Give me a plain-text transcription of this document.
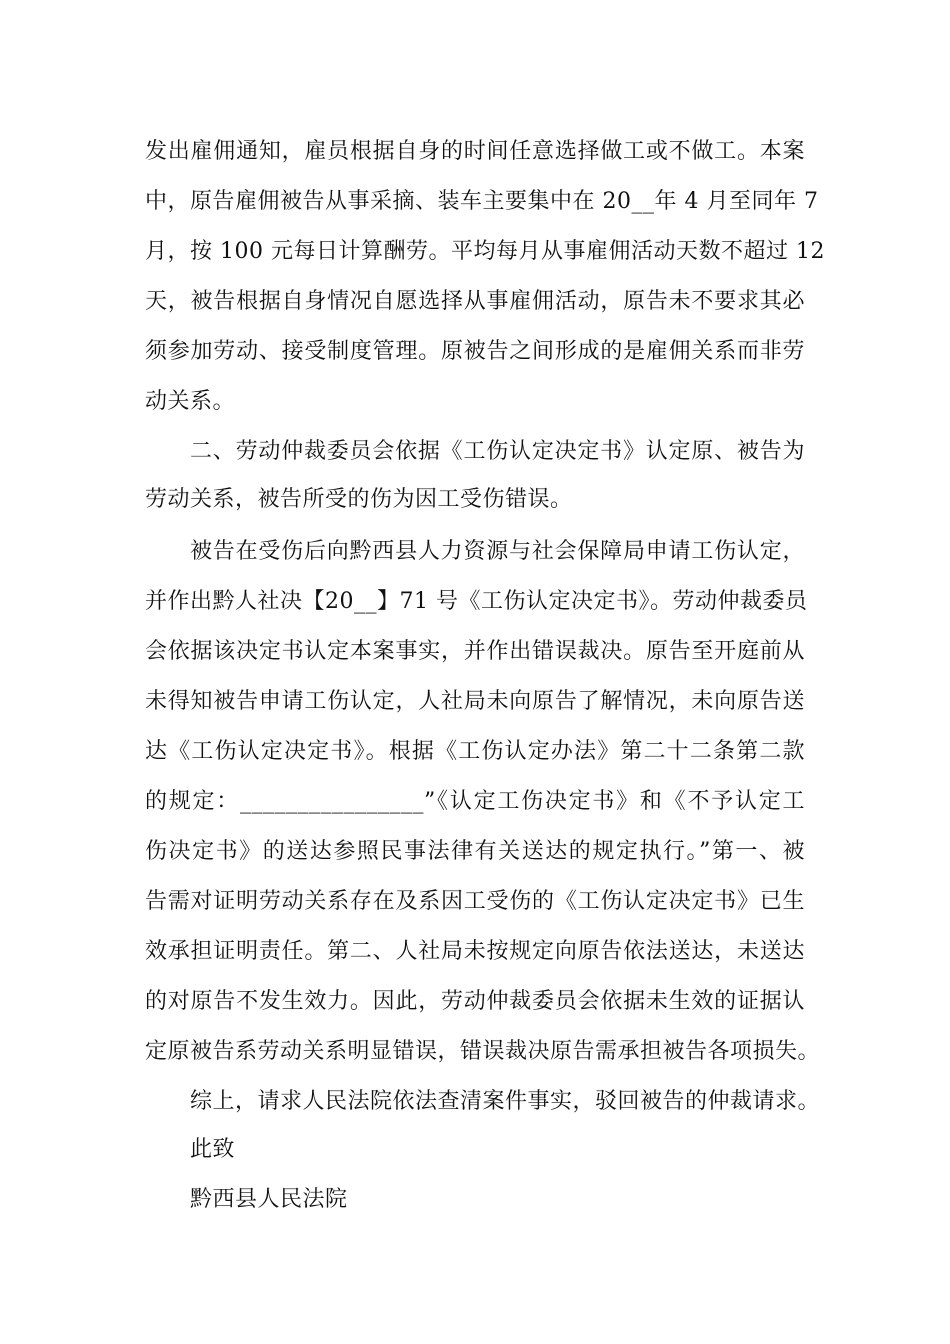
发出雇佣通知，雇员根据自身的时间任意选择做工或不做工。本案
中，原告雇佣被告从事采摘、装车主要集中在 20__年 4 月至同年 7
月，按 100 元每日计算酬劳。平均每月从事雇佣活动天数不超过 12
天，被告根据自身情况自愿选择从事雇佣活动，原告未不要求其必
须参加劳动、接受制度管理。原被告之间形成的是雇佣关系而非劳
动关系。
二、劳动仲裁委员会依据《工伤认定决定书》认定原、被告为
劳动关系，被告所受的伤为因工受伤错误。
被告在受伤后向黔西县人力资源与社会保障局申请工伤认定，
并作出黔人社决【20__】71 号《工伤认定决定书》。劳动仲裁委员
会依据该决定书认定本案事实，并作出错误裁决。原告至开庭前从
未得知被告申请工伤认定，人社局未向原告了解情况，未向原告送
达《工伤认定决定书》。根据《工伤认定办法》第二十二条第二款
的规定：________________”《认定工伤决定书》和《不予认定工
伤决定书》的送达参照民事法律有关送达的规定执行。”第一、被
告需对证明劳动关系存在及系因工受伤的《工伤认定决定书》已生
效承担证明责任。第二、人社局未按规定向原告依法送达，未送达
的对原告不发生效力。因此，劳动仲裁委员会依据未生效的证据认
定原被告系劳动关系明显错误，错误裁决原告需承担被告各项损失。
综上，请求人民法院依法查清案件事实，驳回被告的仲裁请求。
此致
黔西县人民法院
